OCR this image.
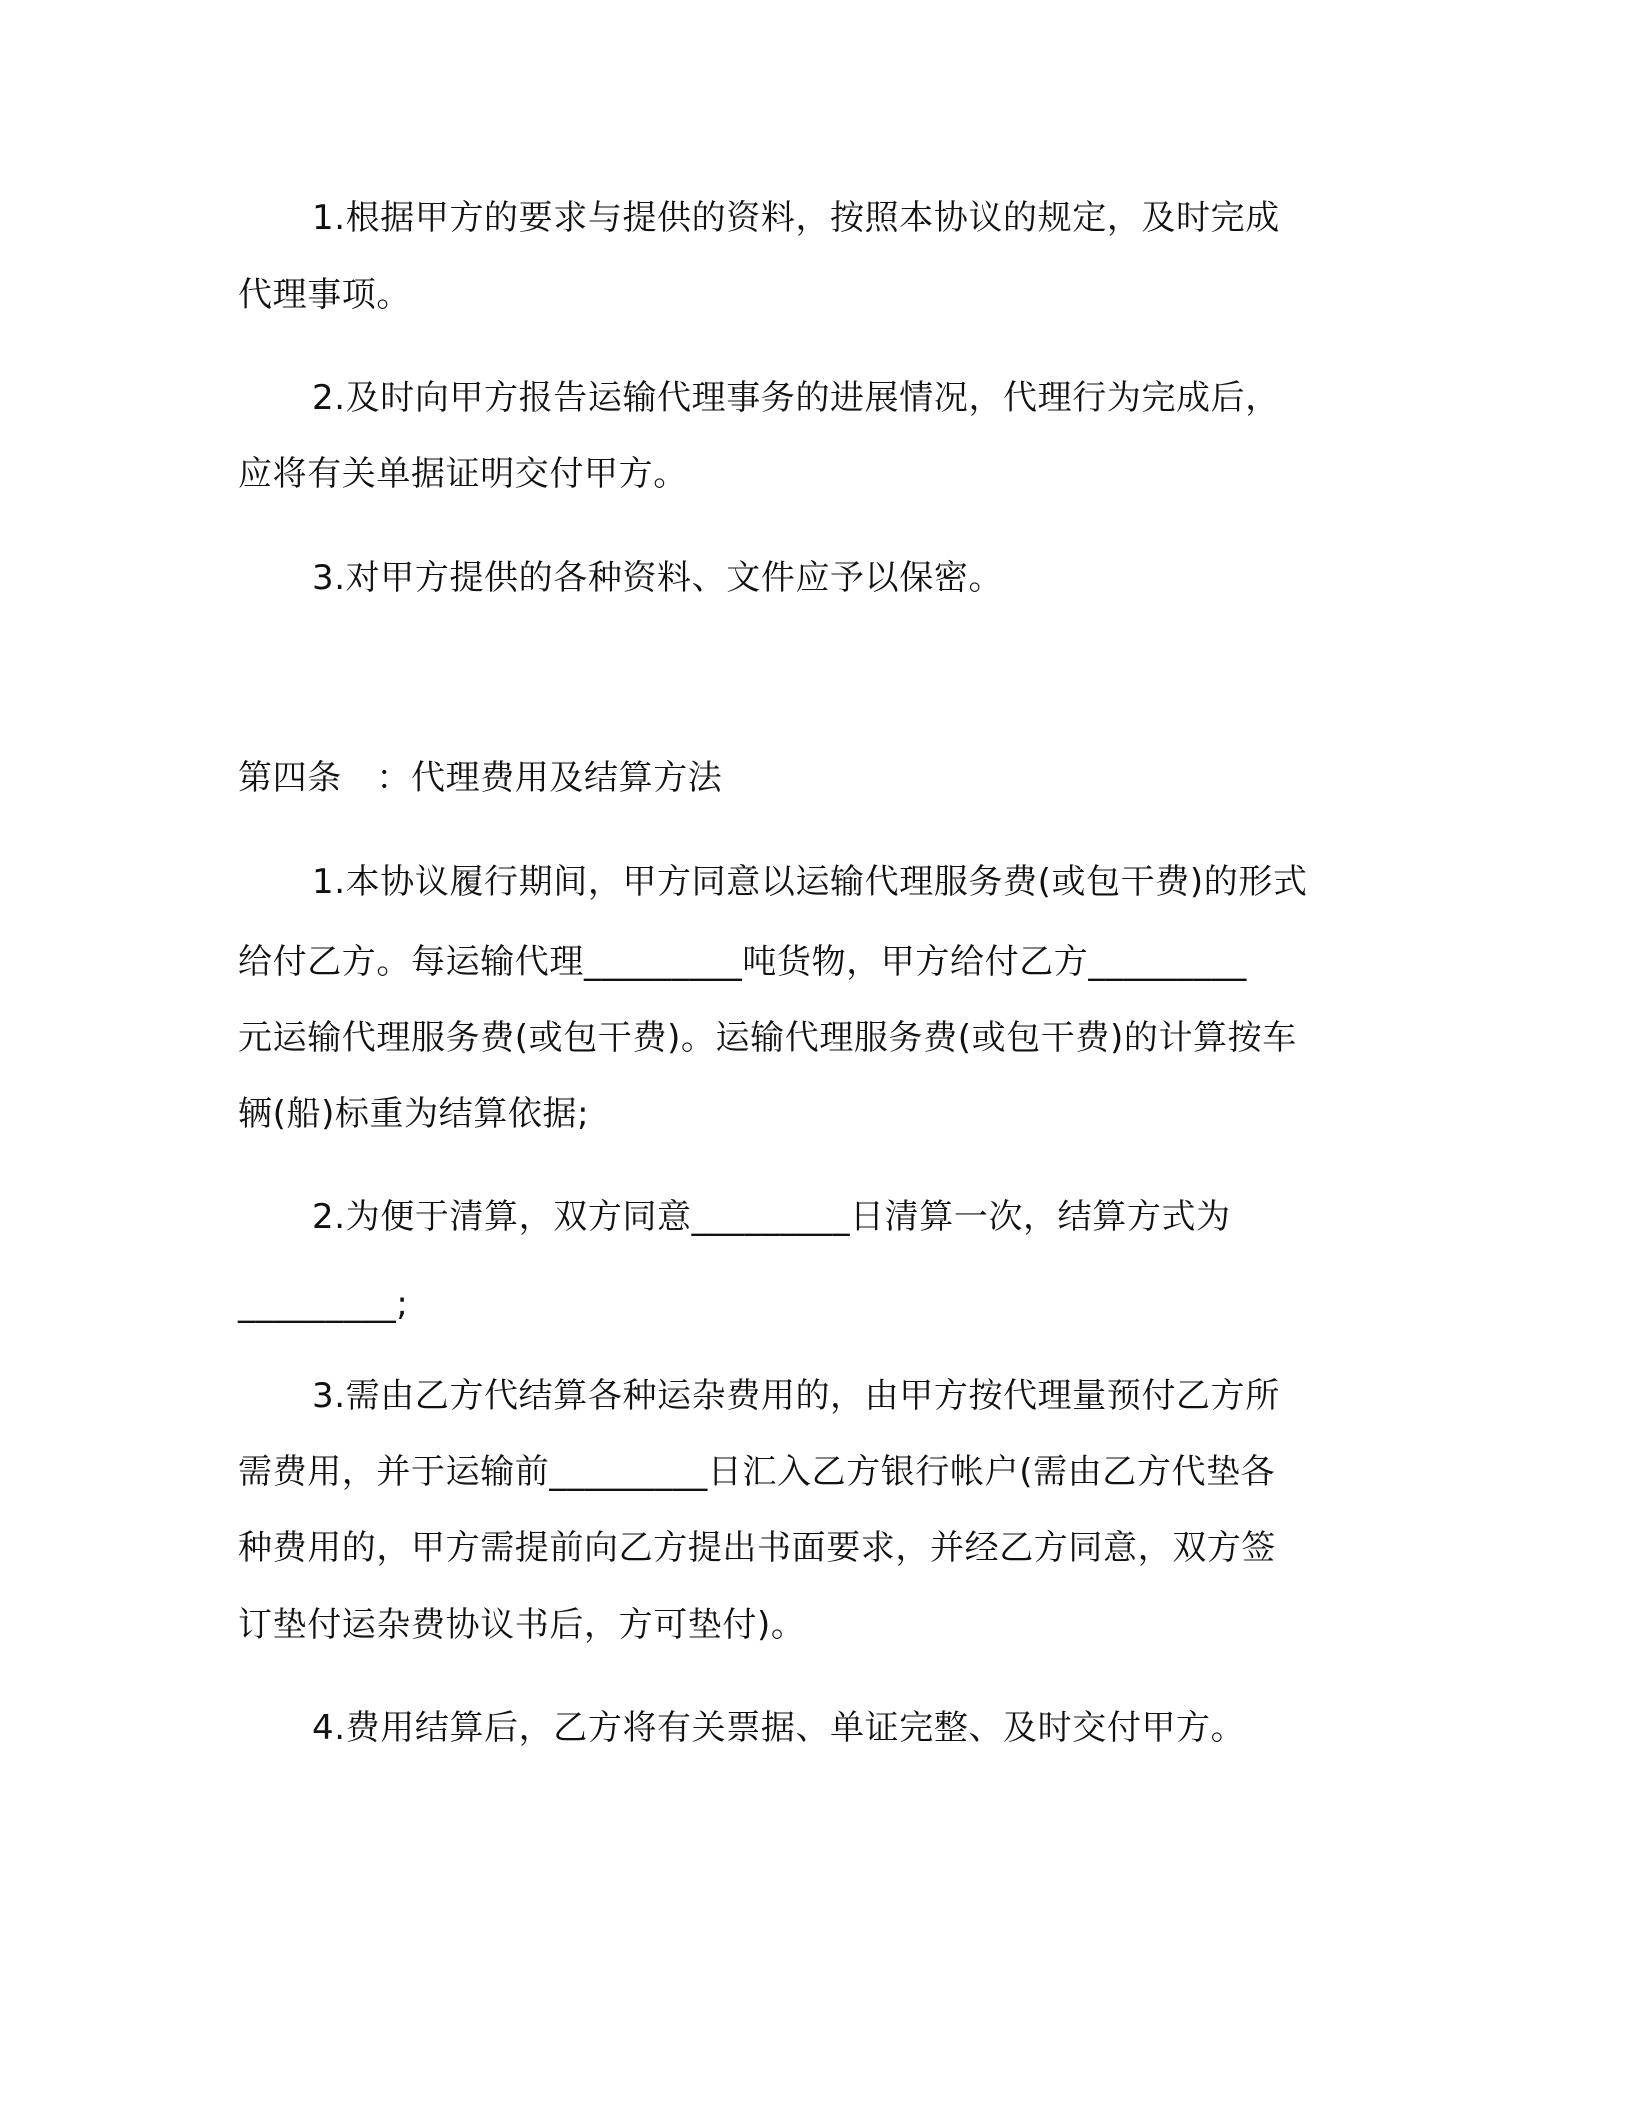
1.根据甲方的要求与提供的资料，按照本协议的规定，及时完成

代理事项。

2.及时向甲方报告运输代理事务的进展情况，代理行为完成后，

应将有关单据证明交付甲方。

3.对甲方提供的各种资料、文件应予以保密。

第四条　：代理费用及结算方法

1.本协议履行期间，甲方同意以运输代理服务费(或包干费)的形式

给付乙方。每运输代理_________吨货物，甲方给付乙方_________

元运输代理服务费(或包干费)。运输代理服务费(或包干费)的计算按车

辆(船)标重为结算依据;

2.为便于清算，双方同意_________日清算一次，结算方式为

_________;

3.需由乙方代结算各种运杂费用的，由甲方按代理量预付乙方所

需费用，并于运输前_________日汇入乙方银行帐户(需由乙方代垫各

种费用的，甲方需提前向乙方提出书面要求，并经乙方同意，双方签

订垫付运杂费协议书后，方可垫付)。

4.费用结算后，乙方将有关票据、单证完整、及时交付甲方。
